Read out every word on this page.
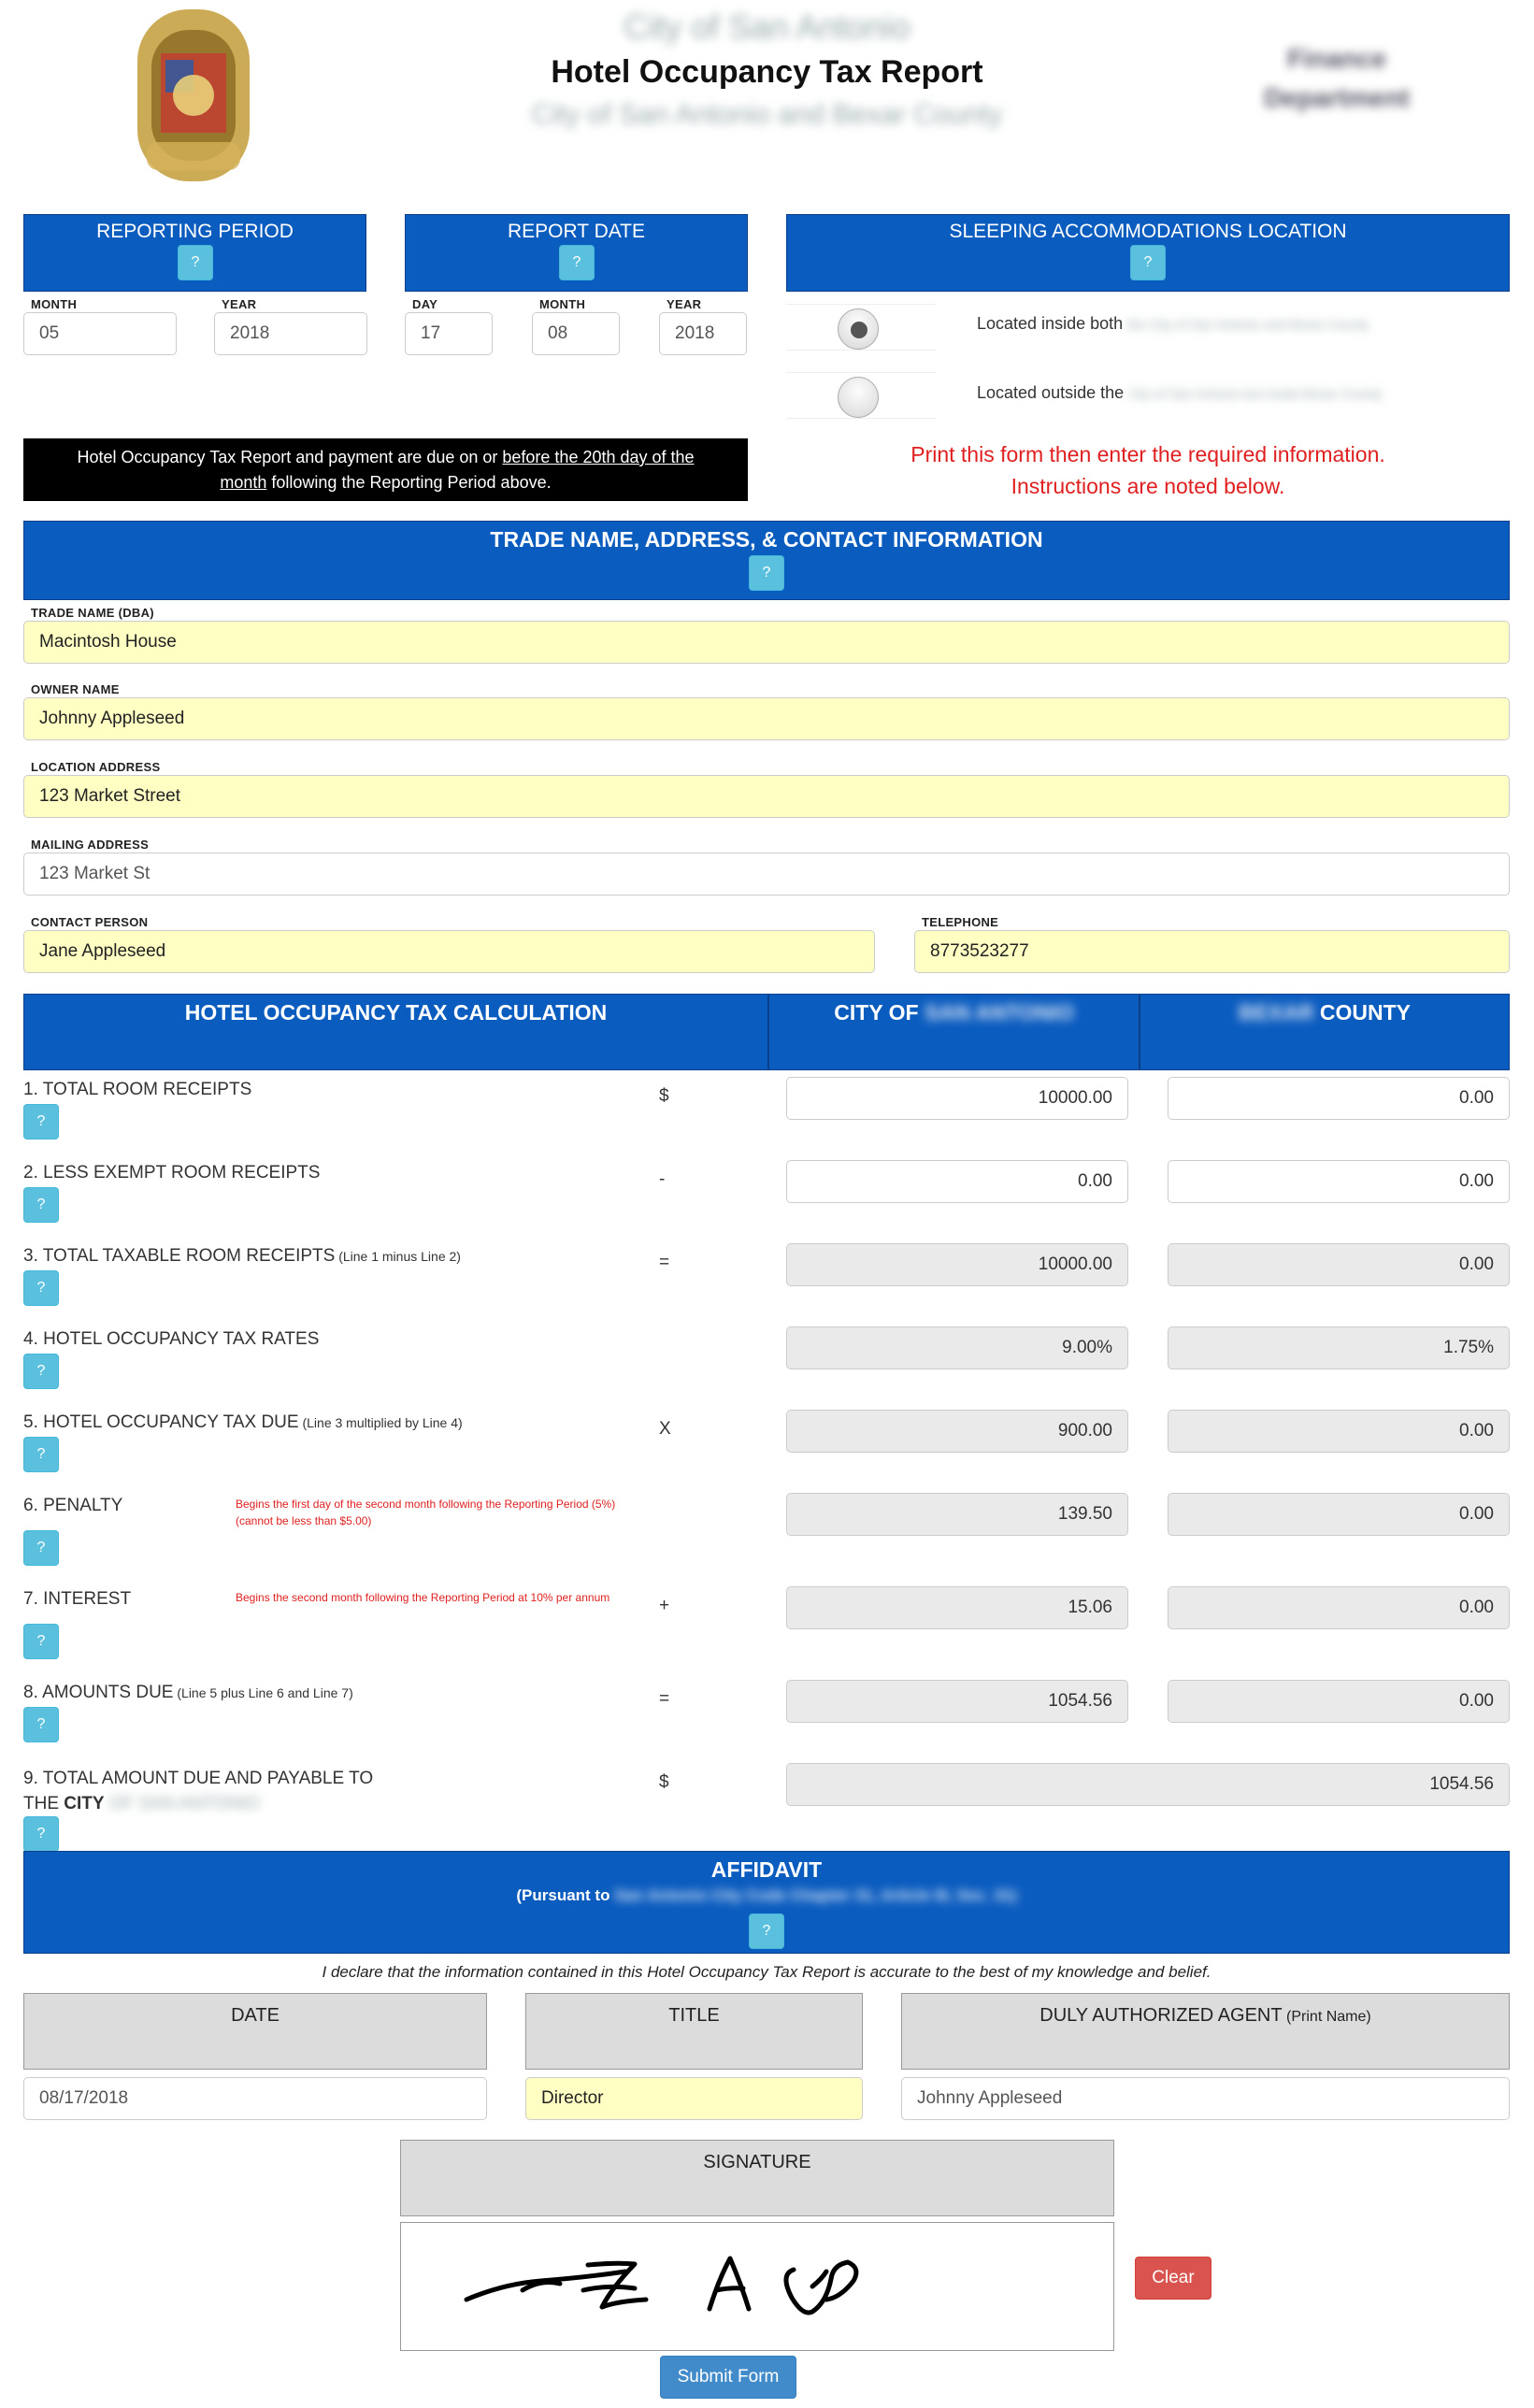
City of San Antonio
Hotel Occupancy Tax Report
City of San Antonio and Bexar County
Finance Department
REPORTING PERIOD
?
MONTH	YEAR
05	2018
REPORT DATE
?
DAY	MONTH	YEAR
17	08	2018
SLEEPING ACCOMMODATIONS LOCATION
?
Located inside both the City of San Antonio and Bexar County
Located outside the City of San Antonio but inside Bexar County
Hotel Occupancy Tax Report and payment are due on or before the 20th day of the
month following the Reporting Period above.
Print this form then enter the required information.
Instructions are noted below.
TRADE NAME, ADDRESS, & CONTACT INFORMATION
?
TRADE NAME (DBA)
Macintosh House
OWNER NAME
Johnny Appleseed
LOCATION ADDRESS
123 Market Street
MAILING ADDRESS
123 Market St
CONTACT PERSON
Jane Appleseed
TELEPHONE
8773523277
HOTEL OCCUPANCY TAX CALCULATION	CITY OF SAN ANTONIO	BEXAR COUNTY
1. TOTAL ROOM RECEIPTS
?
$	10000.00	0.00
2. LESS EXEMPT ROOM RECEIPTS
?
-	0.00	0.00
3. TOTAL TAXABLE ROOM RECEIPTS (Line 1 minus Line 2)
?
=	10000.00	0.00
4. HOTEL OCCUPANCY TAX RATES
?
9.00%	1.75%
5. HOTEL OCCUPANCY TAX DUE (Line 3 multiplied by Line 4)
?
X	900.00	0.00
6. PENALTY	Begins the first day of the second month following the Reporting Period (5%) (cannot be less than $5.00)
?
139.50	0.00
7. INTEREST	Begins the second month following the Reporting Period at 10% per annum
?
+	15.06	0.00
8. AMOUNTS DUE (Line 5 plus Line 6 and Line 7)
?
=	1054.56	0.00
9. TOTAL AMOUNT DUE AND PAYABLE TO
THE CITY OF SAN ANTONIO
?
$	1054.56
AFFIDAVIT
(Pursuant to San Antonio City Code Chapter 31, Article III, Sec. 31)
?
I declare that the information contained in this Hotel Occupancy Tax Report is accurate to the best of my knowledge and belief.
DATE	TITLE	DULY AUTHORIZED AGENT (Print Name)
08/17/2018	Director	Johnny Appleseed
SIGNATURE
Clear
Submit Form
